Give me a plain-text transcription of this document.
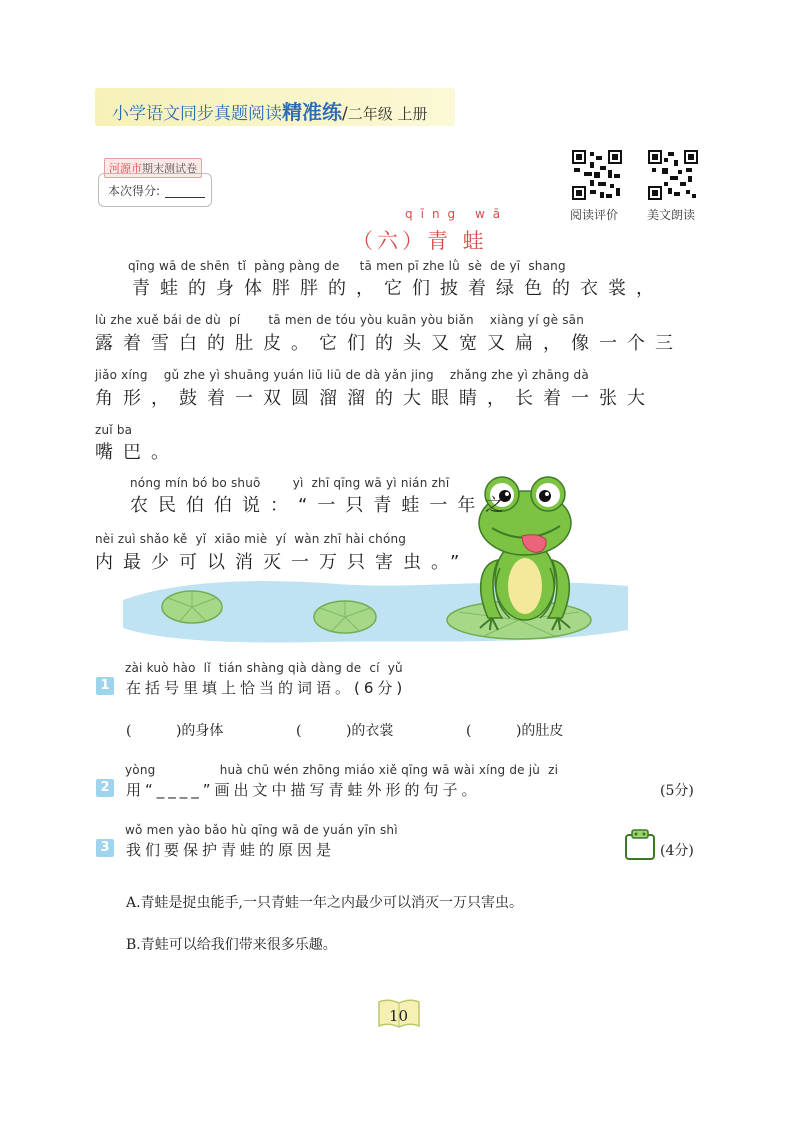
小学语文同步真题阅读精准练/二年级 上册
河源市期末测试卷
本次得分:
阅读评价 美文朗读
qīng wā
（六）青 蛙
qīng wā de shēn  tǐ  pàng pàng de     tā men pī zhe lǜ  sè  de yī  shang
青蛙的身体胖胖的，它们披着绿色的衣裳，
lù zhe xuě bái de dù  pí       tā men de tóu yòu kuān yòu biǎn    xiàng yí gè sān
露着雪白的肚皮。它们的头又宽又扁，像一个三
jiǎo xíng    gǔ zhe yì shuāng yuán liū liū de dà yǎn jing    zhǎng zhe yì zhāng dà
角形，鼓着一双圆溜溜的大眼睛，长着一张大
zuǐ ba
嘴巴。
nóng mín bó bo shuō        yì  zhī qīng wā yì nián zhī
农民伯伯说：“一只青蛙一年之
nèi zuì shǎo kě  yǐ  xiāo miè  yí  wàn zhī hài chóng
内最少可以消灭一万只害虫。”
zài kuò hào  lǐ  tián shàng qià dàng de  cí  yǔ
1 在括号里填上恰当的词语。(6分)
(          )的身体	(          )的衣裳	(          )的肚皮
yòng                huà chū wén zhōng miáo xiě qīng wā wài xíng de jù  zi
2 用“____”画出文中描写青蛙外形的句子。	(5分)
wǒ men yào bǎo hù qīng wā de yuán yīn shì
3 我们要保护青蛙的原因是	(4分)
A.青蛙是捉虫能手,一只青蛙一年之内最少可以消灭一万只害虫。
B.青蛙可以给我们带来很多乐趣。
10
